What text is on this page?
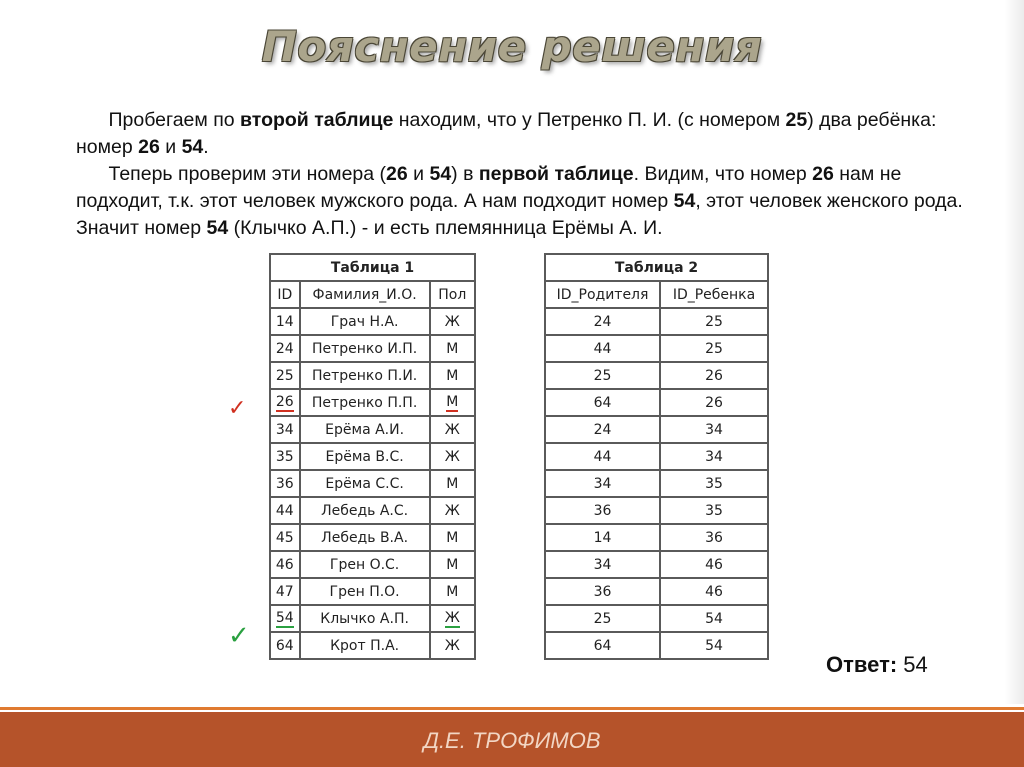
Пояснение решения

Пробегаем по второй таблице находим, что у Петренко П. И. (с номером 25) два ребёнка: номер 26 и 54.

Теперь проверим эти номера (26 и 54) в первой таблице. Видим, что номер 26 нам не подходит, т.к. этот человек мужского рода. А нам подходит номер 54, этот человек женского рода. Значит номер 54 (Клычко А.П.) - и есть племянница Ерёмы А. И.

Таблица 1		
ID	Фамилия_И.О.	Пол
14	Грач Н.А.	Ж
24	Петренко И.П.	М
25	Петренко П.И.	М
26	Петренко П.П.	М
34	Ерёма А.И.	Ж
35	Ерёма В.С.	Ж
36	Ерёма С.С.	М
44	Лебедь А.С.	Ж
45	Лебедь В.А.	М
46	Грен О.С.	М
47	Грен П.О.	М
54	Клычко А.П.	Ж
64	Крот П.А.	Ж
Таблица 2	
ID_Родителя	ID_Ребенка
24	25
44	25
25	26
64	26
24	34
44	34
34	35
36	35
14	36
34	46
36	46
25	54
64	54
✓
✓
Ответ: 54
Д.Е. ТРОФИМОВ
